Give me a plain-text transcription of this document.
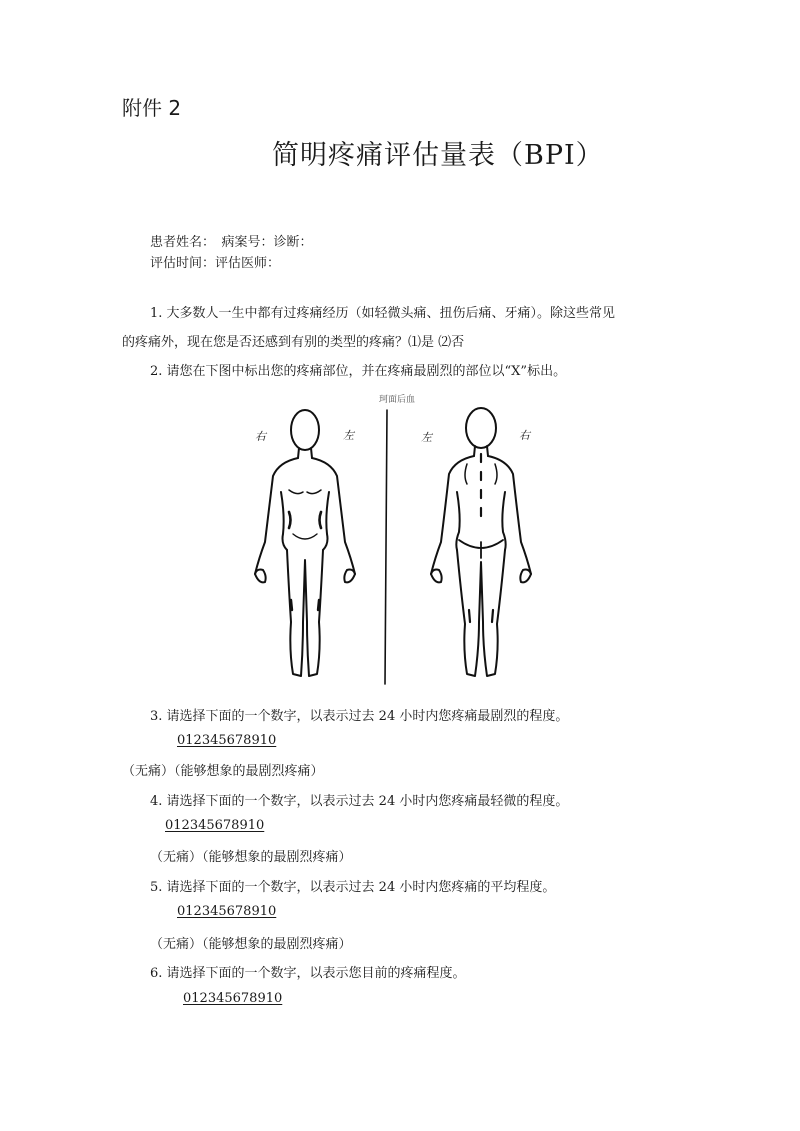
附件 2
简明疼痛评估量表（BPI）
患者姓名：　病案号：诊断：
评估时间：评估医师：
1. 大多数人一生中都有过疼痛经历（如轻微头痛、扭伤后痛、牙痛）。除这些常见
的疼痛外，现在您是否还感到有别的类型的疼痛？⑴是 ⑵否
2. 请您在下图中标出您的疼痛部位，并在疼痛最剧烈的部位以“X”标出。
珂面后血
右	左	左	右
3. 请选择下面的一个数字，以表示过去 24 小时内您疼痛最剧烈的程度。
012345678910
（无痛）（能够想象的最剧烈疼痛）
4. 请选择下面的一个数字，以表示过去 24 小时内您疼痛最轻微的程度。
012345678910
（无痛）（能够想象的最剧烈疼痛）
5. 请选择下面的一个数字，以表示过去 24 小时内您疼痛的平均程度。
012345678910
（无痛）（能够想象的最剧烈疼痛）
6. 请选择下面的一个数字，以表示您目前的疼痛程度。
012345678910
